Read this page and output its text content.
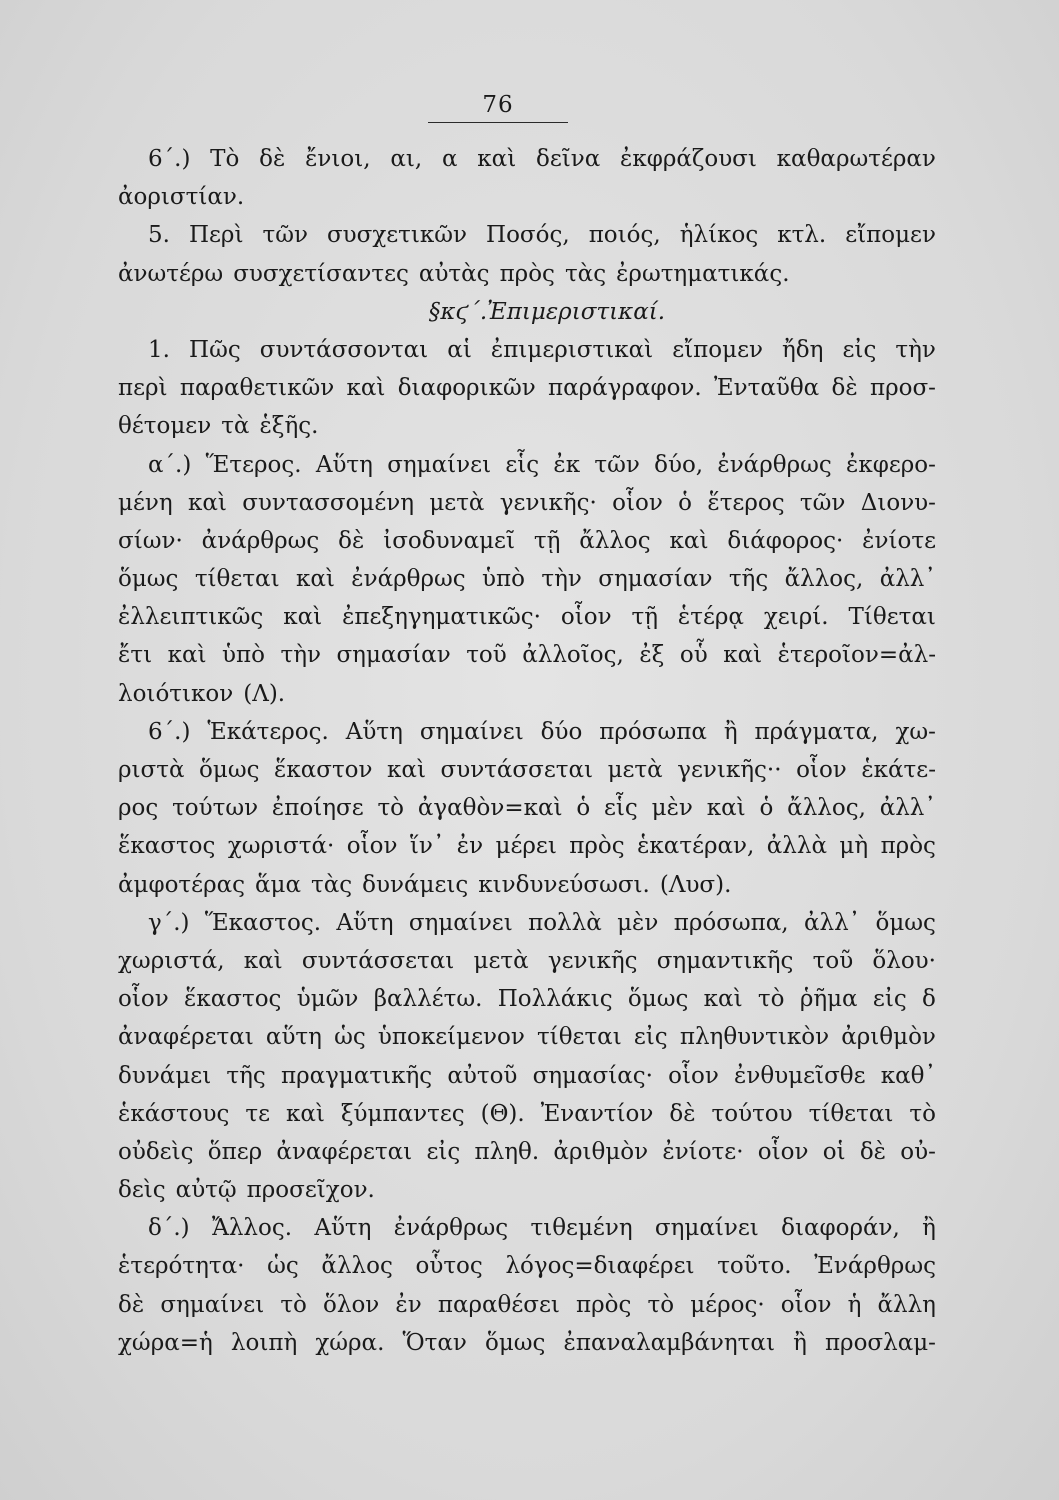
76
6΄.) Τὸ δὲ ἔνιοι, αι, α καὶ δεῖνα ἐκφράζουσι καθαρωτέραν
ἀοριστίαν.
5. Περὶ τῶν συσχετικῶν Ποσός, ποιός, ἡλίκος κτλ. εἴπομεν
ἀνωτέρω συσχετίσαντες αὐτὰς πρὸς τὰς ἐρωτηματικάς.
§ κϛ΄. Ἐπιμεριστικαί.
1. Πῶς συντάσσονται αἱ ἐπιμεριστικαὶ εἴπομεν ἤδη εἰς τὴν
περὶ παραθετικῶν καὶ διαφορικῶν παράγραφον. Ἐνταῦθα δὲ προσ-
θέτομεν τὰ ἑξῆς.
α΄.) Ἕτερος. Αὕτη σημαίνει εἷς ἐκ τῶν δύο, ἐνάρθρως ἐκφερο-
μένη καὶ συντασσομένη μετὰ γενικῆς· οἷον ὁ ἕτερος τῶν Διονυ-
σίων· ἀνάρθρως δὲ ἰσοδυναμεῖ τῇ ἄλλος καὶ διάφορος· ἐνίοτε
ὅμως τίθεται καὶ ἐνάρθρως ὑπὸ τὴν σημασίαν τῆς ἄλλος, ἀλλ᾽
ἐλλειπτικῶς καὶ ἐπεξηγηματικῶς· οἷον τῇ ἑτέρᾳ χειρί. Τίθεται
ἔτι καὶ ὑπὸ τὴν σημασίαν τοῦ ἀλλοῖος, ἐξ οὗ καὶ ἑτεροῖον=ἀλ-
λοιότικον (Λ).
6΄.) Ἑκάτερος. Αὕτη σημαίνει δύο πρόσωπα ἢ πράγματα, χω-
ριστὰ ὅμως ἕκαστον καὶ συντάσσεται μετὰ γενικῆς·· οἷον ἑκάτε-
ρος τούτων ἐποίησε τὸ ἀγαθὸν=καὶ ὁ εἷς μὲν καὶ ὁ ἄλλος, ἀλλ᾽
ἕκαστος χωριστά· οἷον ἵν᾽ ἐν μέρει πρὸς ἑκατέραν, ἀλλὰ μὴ πρὸς
ἀμφοτέρας ἅμα τὰς δυνάμεις κινδυνεύσωσι. (Λυσ).
γ΄.) Ἕκαστος. Αὕτη σημαίνει πολλὰ μὲν πρόσωπα, ἀλλ᾽ ὅμως
χωριστά, καὶ συντάσσεται μετὰ γενικῆς σημαντικῆς τοῦ ὅλου·
οἷον ἕκαστος ὑμῶν βαλλέτω. Πολλάκις ὅμως καὶ τὸ ῥῆμα εἰς δ
ἀναφέρεται αὕτη ὡς ὑποκείμενον τίθεται εἰς πληθυντικὸν ἀριθμὸν
δυνάμει τῆς πραγματικῆς αὐτοῦ σημασίας· οἷον ἐνθυμεῖσθε καθ᾽
ἑκάστους τε καὶ ξύμπαντες (Θ). Ἐναντίον δὲ τούτου τίθεται τὸ
οὐδεὶς ὅπερ ἀναφέρεται εἰς πληθ. ἀριθμὸν ἐνίοτε· οἷον οἱ δὲ οὐ-
δεὶς αὐτῷ προσεῖχον.
δ΄.) Ἄλλος. Αὕτη ἐνάρθρως τιθεμένη σημαίνει διαφοράν, ἢ
ἑτερότητα· ὡς ἄλλος οὗτος λόγος=διαφέρει τοῦτο. Ἐνάρθρως
δὲ σημαίνει τὸ ὅλον ἐν παραθέσει πρὸς τὸ μέρος· οἷον ἡ ἄλλη
χώρα=ἡ λοιπὴ χώρα. Ὅταν ὅμως ἐπαναλαμβάνηται ἢ προσλαμ-
